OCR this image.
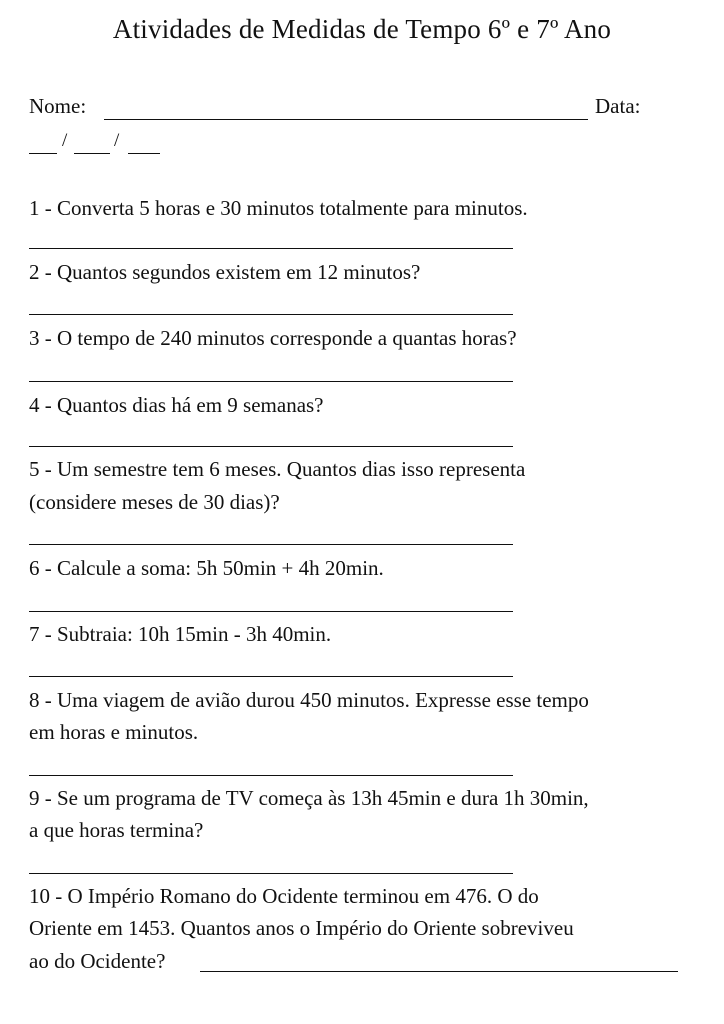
Atividades de Medidas de Tempo 6º e 7º Ano
Nome:	Data:
/ /
1 - Converta 5 horas e 30 minutos totalmente para minutos.
2 - Quantos segundos existem em 12 minutos?
3 - O tempo de 240 minutos corresponde a quantas horas?
4 - Quantos dias há em 9 semanas?
5 - Um semestre tem 6 meses. Quantos dias isso representa
(considere meses de 30 dias)?
6 - Calcule a soma: 5h 50min + 4h 20min.
7 - Subtraia: 10h 15min - 3h 40min.
8 - Uma viagem de avião durou 450 minutos. Expresse esse tempo
em horas e minutos.
9 - Se um programa de TV começa às 13h 45min e dura 1h 30min,
a que horas termina?
10 - O Império Romano do Ocidente terminou em 476. O do
Oriente em 1453. Quantos anos o Império do Oriente sobreviveu
ao do Ocidente?
